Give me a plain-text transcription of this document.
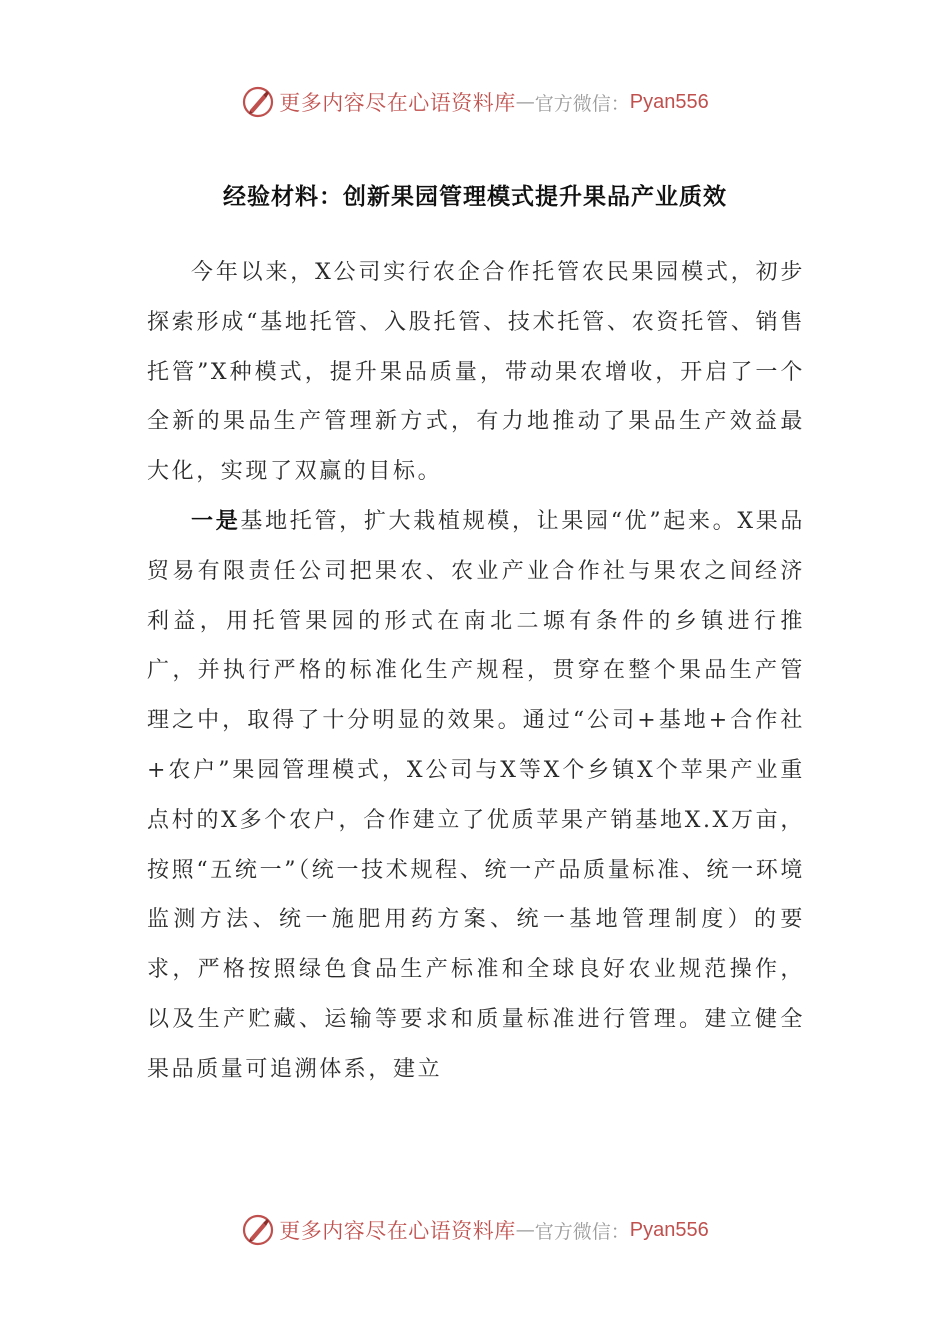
更多内容尽在心语资料库 — 官方微信： Pyan556
经验材料：创新果园管理模式提升果品产业质效

今年以来，X公司实行农企合作托管农民果园模式，初步探索形成“基地托管、入股托管、技术托管、农资托管、销售托管”X种模式，提升果品质量，带动果农增收，开启了一个全新的果品生产管理新方式，有力地推动了果品生产效益最大化，实现了双赢的目标。

一是基地托管，扩大栽植规模，让果园“优”起来。X果品贸易有限责任公司把果农、农业产业合作社与果农之间经济利益，用托管果园的形式在南北二塬有条件的乡镇进行推广，并执行严格的标准化生产规程，贯穿在整个果品生产管理之中，取得了十分明显的效果。通过“公司+基地+合作社+农户”果园管理模式，X公司与X等X个乡镇X个苹果产业重点村的X多个农户，合作建立了优质苹果产销基地X.X万亩，按照“五统一”（统一技术规程、统一产品质量标准、统一环境监测方法、统一施肥用药方案、统一基地管理制度）的要求，严格按照绿色食品生产标准和全球良好农业规范操作，以及生产贮藏、运输等要求和质量标准进行管理。建立健全果品质量可追溯体系，建立

更多内容尽在心语资料库 — 官方微信： Pyan556
